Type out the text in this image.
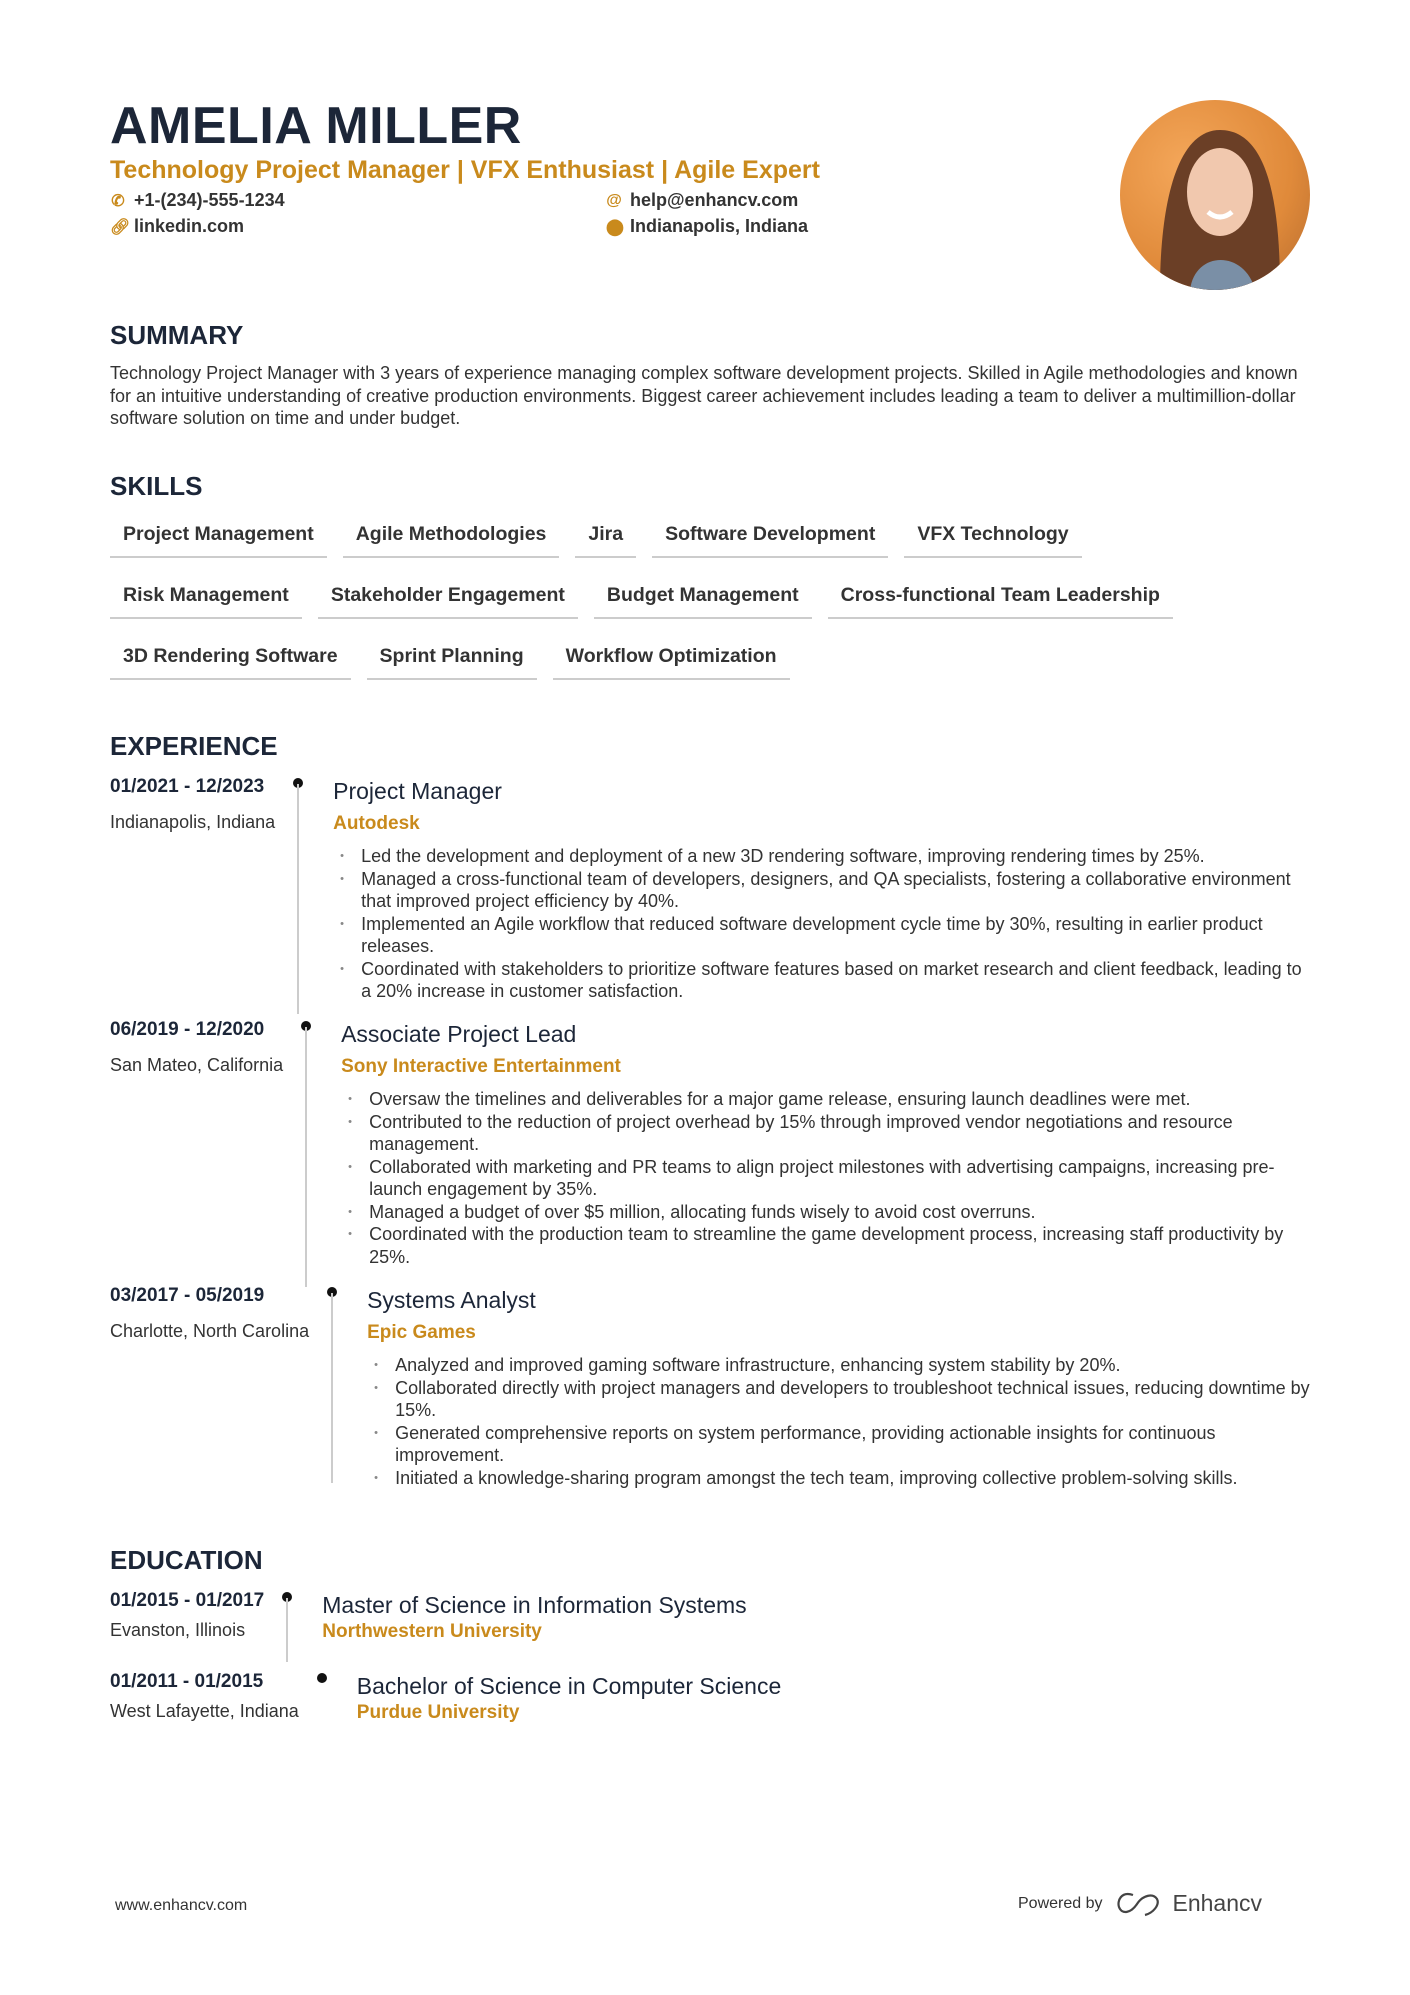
AMELIA MILLER
Technology Project Manager | VFX Enthusiast | Agile Expert
✆ +1-(234)-555-1234	@ help@enhancv.com
🔗︎ linkedin.com	⬤ Indianapolis, Indiana
SUMMARY
Technology Project Manager with 3 years of experience managing complex software development projects. Skilled in Agile methodologies and known for an intuitive understanding of creative production environments. Biggest career achievement includes leading a team to deliver a multimillion-dollar software solution on time and under budget.
SKILLS
Project Management	Agile Methodologies	Jira	Software Development	VFX Technology
Risk Management	Stakeholder Engagement	Budget Management	Cross-functional Team Leadership
3D Rendering Software	Sprint Planning	Workflow Optimization
EXPERIENCE
01/2021 - 12/2023
Indianapolis, Indiana
Project Manager
Autodesk
• Led the development and deployment of a new 3D rendering software, improving rendering times by 25%.
• Managed a cross-functional team of developers, designers, and QA specialists, fostering a collaborative environment that improved project efficiency by 40%.
• Implemented an Agile workflow that reduced software development cycle time by 30%, resulting in earlier product releases.
• Coordinated with stakeholders to prioritize software features based on market research and client feedback, leading to a 20% increase in customer satisfaction.
06/2019 - 12/2020
San Mateo, California
Associate Project Lead
Sony Interactive Entertainment
• Oversaw the timelines and deliverables for a major game release, ensuring launch deadlines were met.
• Contributed to the reduction of project overhead by 15% through improved vendor negotiations and resource management.
• Collaborated with marketing and PR teams to align project milestones with advertising campaigns, increasing pre-launch engagement by 35%.
• Managed a budget of over $5 million, allocating funds wisely to avoid cost overruns.
• Coordinated with the production team to streamline the game development process, increasing staff productivity by 25%.
03/2017 - 05/2019
Charlotte, North Carolina
Systems Analyst
Epic Games
• Analyzed and improved gaming software infrastructure, enhancing system stability by 20%.
• Collaborated directly with project managers and developers to troubleshoot technical issues, reducing downtime by 15%.
• Generated comprehensive reports on system performance, providing actionable insights for continuous improvement.
• Initiated a knowledge-sharing program amongst the tech team, improving collective problem-solving skills.
EDUCATION
01/2015 - 01/2017
Evanston, Illinois
Master of Science in Information Systems
Northwestern University
01/2011 - 01/2015
West Lafayette, Indiana
Bachelor of Science in Computer Science
Purdue University
www.enhancv.com	Powered by	Enhancv
